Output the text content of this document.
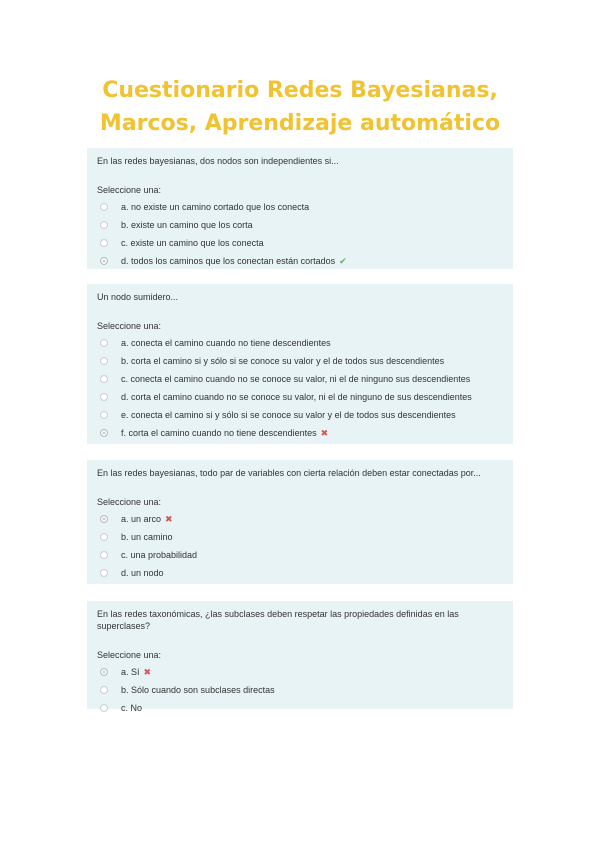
Cuestionario Redes Bayesianas,
Marcos, Aprendizaje automático
En las redes bayesianas, dos nodos son independientes si...
Seleccione una:
a. no existe un camino cortado que los conecta
b. existe un camino que los corta
c. existe un camino que los conecta
d. todos los caminos que los conectan están cortados ✔
Un nodo sumidero...
Seleccione una:
a. conecta el camino cuando no tiene descendientes
b. corta el camino si y sólo si se conoce su valor y el de todos sus descendientes
c. conecta el camino cuando no se conoce su valor, ni el de ninguno sus descendientes
d. corta el camino cuando no se conoce su valor, ni el de ninguno de sus descendientes
e. conecta el camino si y sólo si se conoce su valor y el de todos sus descendientes
f. corta el camino cuando no tiene descendientes ✖
En las redes bayesianas, todo par de variables con cierta relación deben estar conectadas por...
Seleccione una:
a. un arco ✖
b. un camino
c. una probabilidad
d. un nodo
En las redes taxonómicas, ¿las subclases deben respetar las propiedades definidas en las superclases?
Seleccione una:
a. Sí ✖
b. Sólo cuando son subclases directas
c. No
